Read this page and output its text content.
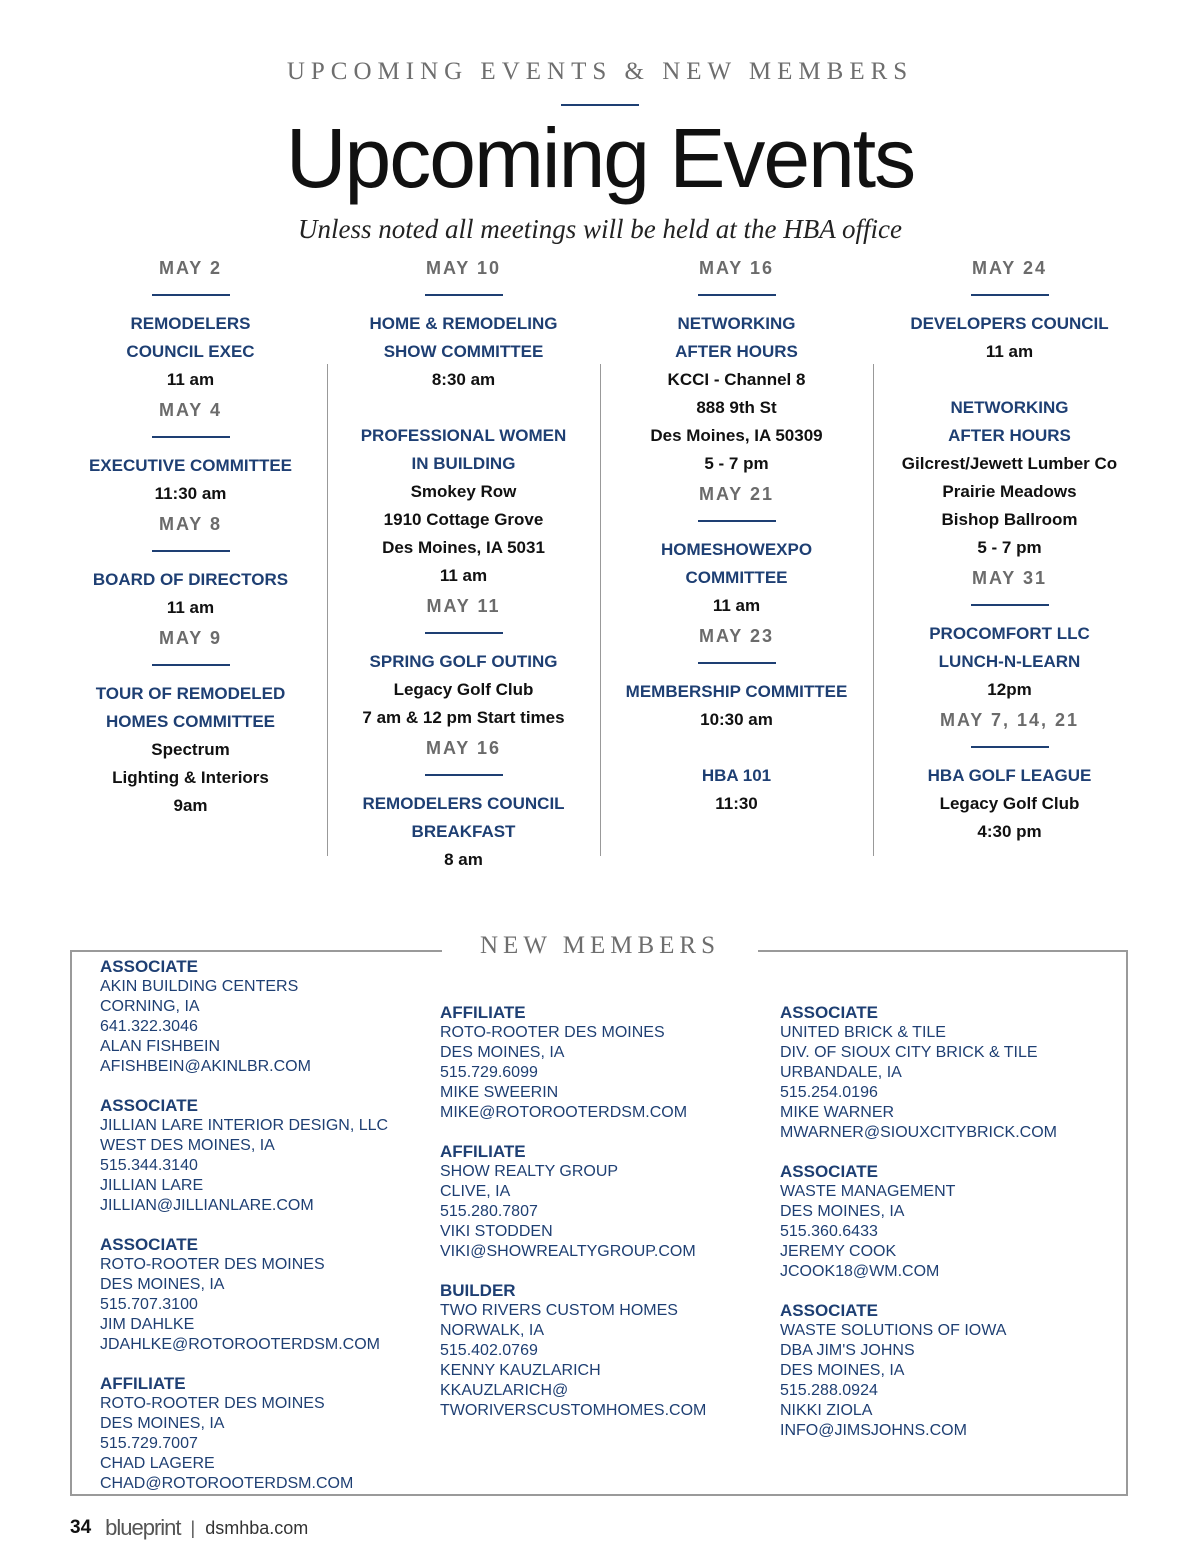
UPCOMING EVENTS & NEW MEMBERS
Upcoming Events
Unless noted all meetings will be held at the HBA office
MAY 2
REMODELERS
COUNCIL EXEC
11 am
MAY 4
EXECUTIVE COMMITTEE
11:30 am
MAY 8
BOARD OF DIRECTORS
11 am
MAY 9
TOUR OF REMODELED
HOMES COMMITTEE
Spectrum
Lighting & Interiors
9am
MAY 10
HOME & REMODELING
SHOW COMMITTEE
8:30 am
PROFESSIONAL WOMEN
IN BUILDING
Smokey Row
1910 Cottage Grove
Des Moines, IA 5031
11 am
MAY 11
SPRING GOLF OUTING
Legacy Golf Club
7 am & 12 pm Start times
MAY 16
REMODELERS COUNCIL
BREAKFAST
8 am
MAY 16
NETWORKING
AFTER HOURS
KCCI - Channel 8
888 9th St
Des Moines, IA 50309
5 - 7 pm
MAY 21
HOMESHOWEXPO
COMMITTEE
11 am
MAY 23
MEMBERSHIP COMMITTEE
10:30 am
HBA 101
11:30
MAY 24
DEVELOPERS COUNCIL
11 am
NETWORKING
AFTER HOURS
Gilcrest/Jewett Lumber Co
Prairie Meadows
Bishop Ballroom
5 - 7 pm
MAY 31
PROCOMFORT LLC
LUNCH-N-LEARN
12pm
MAY 7, 14, 21
HBA GOLF LEAGUE
Legacy Golf Club
4:30 pm
NEW MEMBERS
ASSOCIATE
AKIN BUILDING CENTERS
CORNING, IA
641.322.3046
ALAN FISHBEIN
AFISHBEIN@AKINLBR.COM
ASSOCIATE
JILLIAN LARE INTERIOR DESIGN, LLC
WEST DES MOINES, IA
515.344.3140
JILLIAN LARE
JILLIAN@JILLIANLARE.COM
ASSOCIATE
ROTO-ROOTER DES MOINES
DES MOINES, IA
515.707.3100
JIM DAHLKE
JDAHLKE@ROTOROOTERDSM.COM
AFFILIATE
ROTO-ROOTER DES MOINES
DES MOINES, IA
515.729.7007
CHAD LAGERE
CHAD@ROTOROOTERDSM.COM
AFFILIATE
ROTO-ROOTER DES MOINES
DES MOINES, IA
515.729.6099
MIKE SWEERIN
MIKE@ROTOROOTERDSM.COM
AFFILIATE
SHOW REALTY GROUP
CLIVE, IA
515.280.7807
VIKI STODDEN
VIKI@SHOWREALTYGROUP.COM
BUILDER
TWO RIVERS CUSTOM HOMES
NORWALK, IA
515.402.0769
KENNY KAUZLARICH
KKAUZLARICH@
TWORIVERSCUSTOMHOMES.COM
ASSOCIATE
UNITED BRICK & TILE
DIV. OF SIOUX CITY BRICK & TILE
URBANDALE, IA
515.254.0196
MIKE WARNER
MWARNER@SIOUXCITYBRICK.COM
ASSOCIATE
WASTE MANAGEMENT
DES MOINES, IA
515.360.6433
JEREMY COOK
JCOOK18@WM.COM
ASSOCIATE
WASTE SOLUTIONS OF IOWA
DBA JIM'S JOHNS
DES MOINES, IA
515.288.0924
NIKKI ZIOLA
INFO@JIMSJOHNS.COM
34 blueprint | dsmhba.com
